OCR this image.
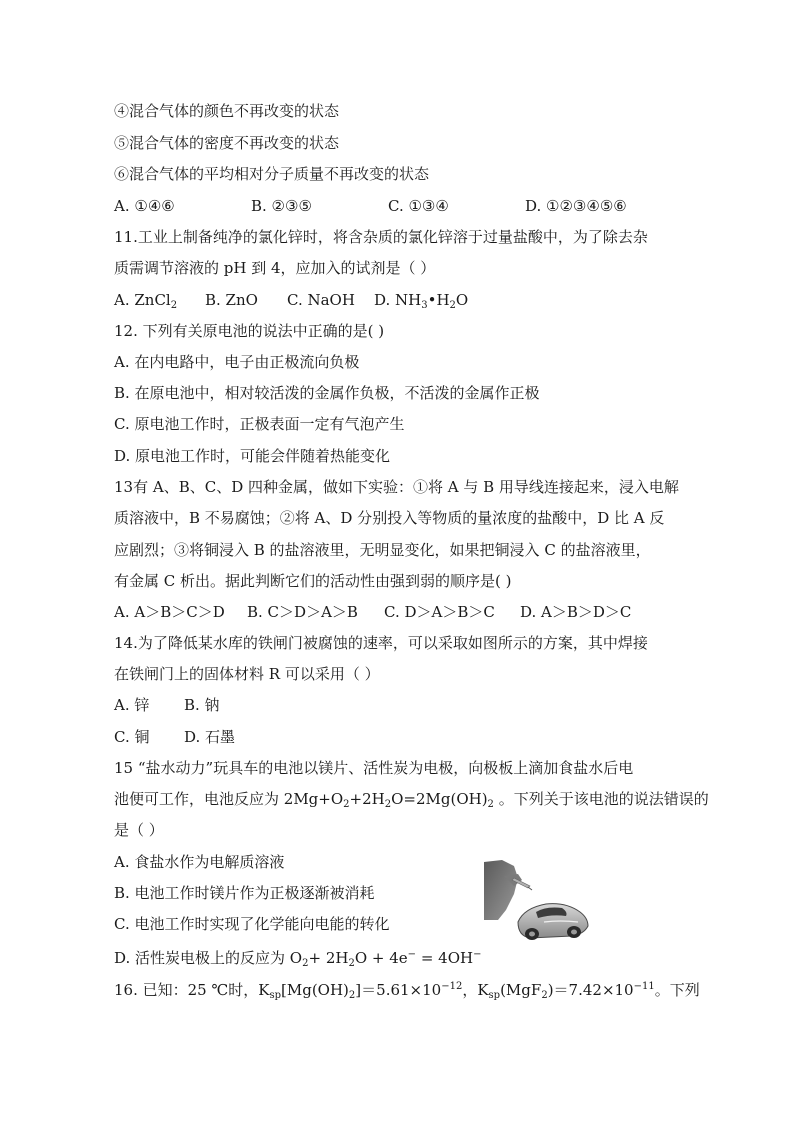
④混合气体的颜色不再改变的状态
⑤混合气体的密度不再改变的状态
⑥混合气体的平均相对分子质量不再改变的状态
A. ①④⑥	B. ②③⑤	C. ①③④	D. ①②③④⑤⑥
11.工业上制备纯净的氯化锌时，将含杂质的氯化锌溶于过量盐酸中，为了除去杂
质需调节溶液的 pH 到 4，应加入的试剂是（ ）
A. ZnCl$_2$ B. ZnO C. NaOH D. $NH_3•H_2O$
12. 下列有关原电池的说法中正确的是( )
A. 在内电路中，电子由正极流向负极
B. 在原电池中，相对较活泼的金属作负极，不活泼的金属作正极
C. 原电池工作时，正极表面一定有气泡产生
D. 原电池工作时，可能会伴随着热能变化
13有 A、B、C、D 四种金属，做如下实验：①将 A 与 B 用导线连接起来，浸入电解
质溶液中，B 不易腐蚀；②将 A、D 分别投入等物质的量浓度的盐酸中，D 比 A 反
应剧烈；③将铜浸入 B 的盐溶液里，无明显变化，如果把铜浸入 C 的盐溶液里，
有金属 C 析出。据此判断它们的活动性由强到弱的顺序是( )
A. A＞B＞C＞D B. C＞D＞A＞B C. D＞A＞B＞C D. A＞B＞D＞C
14.为了降低某水库的铁闸门被腐蚀的速率，可以采取如图所示的方案，其中焊接
在铁闸门上的固体材料 R 可以采用（ ）
A. 锌 B. 钠
C. 铜 D. 石墨
15 “盐水动力”玩具车的电池以镁片、活性炭为电极，向极板上滴加食盐水后电
池便可工作，电池反应为 $2Mg+O_2+2H_2O=2Mg(OH)_2$ 。下列关于该电池的说法错误的
是（ ）
A. 食盐水作为电解质溶液
B. 电池工作时镁片作为正极逐渐被消耗
C. 电池工作时实现了化学能向电能的转化
D. 活性炭电极上的反应为 $O_2+ 2H_2O + 4e^- = 4OH^-$
16. 已知：25 ℃时，$K_{sp}[Mg(OH)_2]=5.61\times 10^{-12}$，$K_{sp}(MgF_2)=7.42\times 10^{-11}$。下列
